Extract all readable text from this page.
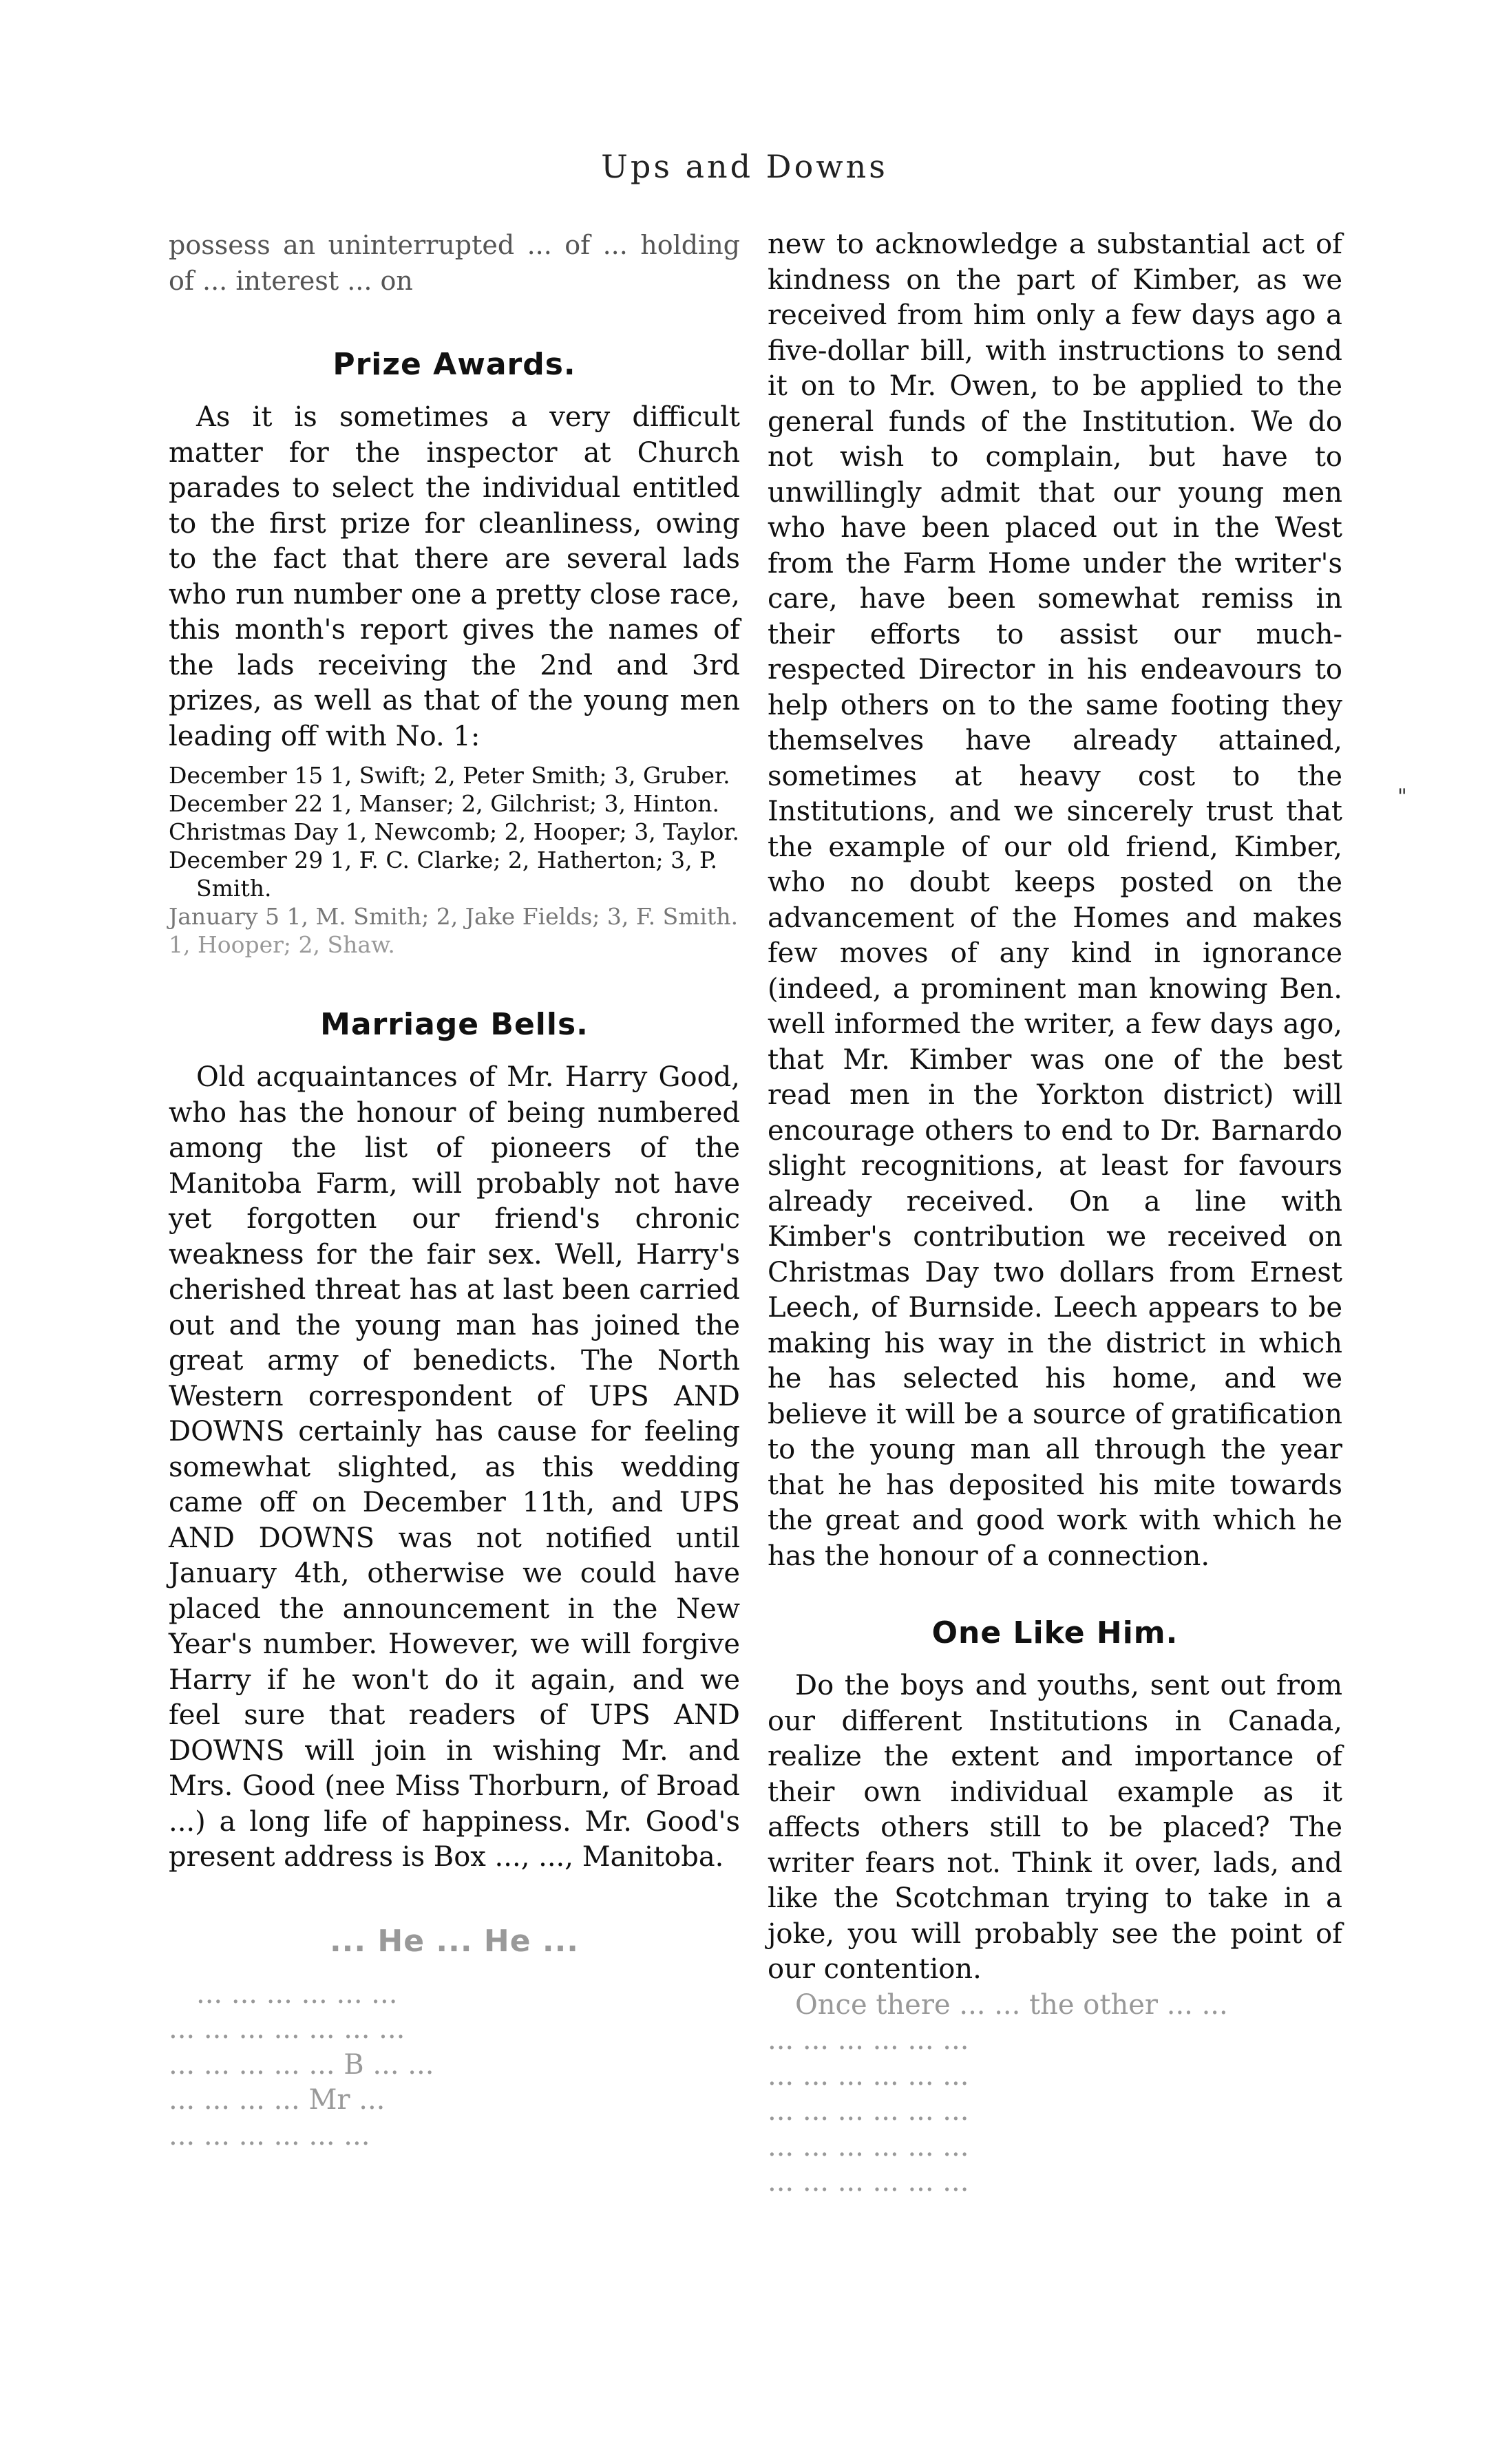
Ups and Downs

possess an uninterrupted ... of ... holding of ... interest ... on

Prize Awards.

As it is sometimes a very difficult matter for the inspector at Church parades to select the individual entitled to the first prize for cleanliness, owing to the fact that there are several lads who run number one a pretty close race, this month's report gives the names of the lads receiving the 2nd and 3rd prizes, as well as that of the young men leading off with No. 1:

December 15 1, Swift; 2, Peter Smith; 3, Gruber.
December 22 1, Manser; 2, Gilchrist; 3, Hinton.
Christmas Day 1, Newcomb; 2, Hooper; 3, Taylor.
December 29 1, F. C. Clarke; 2, Hatherton; 3, P. Smith.
January 5 1, M. Smith; 2, Jake Fields; 3, F. Smith.
1, Hooper; 2, Shaw.
Marriage Bells.

Old acquaintances of Mr. Harry Good, who has the honour of being numbered among the list of pioneers of the Manitoba Farm, will probably not have yet forgotten our friend's chronic weakness for the fair sex. Well, Harry's cherished threat has at last been carried out and the young man has joined the great army of benedicts. The North Western correspondent of UPS AND DOWNS certainly has cause for feeling somewhat slighted, as this wedding came off on December 11th, and UPS AND DOWNS was not notified until January 4th, otherwise we could have placed the announcement in the New Year's number. However, we will forgive Harry if he won't do it again, and we feel sure that readers of UPS AND DOWNS will join in wishing Mr. and Mrs. Good (nee Miss Thorburn, of Broad ...) a long life of happiness. Mr. Good's present address is Box ..., ..., Manitoba.

... He ... He ...

... ... ... ... ... ...

... ... ... ... ... ... ...

... ... ... ... ... B ... ...

... ... ... ... Mr ...

... ... ... ... ... ...

new to acknowledge a substantial act of kindness on the part of Kimber, as we received from him only a few days ago a five-dollar bill, with instructions to send it on to Mr. Owen, to be applied to the general funds of the Institution. We do not wish to complain, but have to unwillingly admit that our young men who have been placed out in the West from the Farm Home under the writer's care, have been somewhat remiss in their efforts to assist our much-respected Director in his endeavours to help others on to the same footing they themselves have already attained, sometimes at heavy cost to the Institutions, and we sincerely trust that the example of our old friend, Kimber, who no doubt keeps posted on the advancement of the Homes and makes few moves of any kind in ignorance (indeed, a prominent man knowing Ben. well informed the writer, a few days ago, that Mr. Kimber was one of the best read men in the Yorkton district) will encourage others to end to Dr. Barnardo slight recognitions, at least for favours already received. On a line with Kimber's contribution we received on Christmas Day two dollars from Ernest Leech, of Burnside. Leech appears to be making his way in the district in which he has selected his home, and we believe it will be a source of gratification to the young man all through the year that he has deposited his mite towards the great and good work with which he has the honour of a connection.

One Like Him.

Do the boys and youths, sent out from our different Institutions in Canada, realize the extent and importance of their own individual example as it affects others still to be placed? The writer fears not. Think it over, lads, and like the Scotchman trying to take in a joke, you will probably see the point of our contention.

Once there ... ... the other ... ...

... ... ... ... ... ...

... ... ... ... ... ...

... ... ... ... ... ...

... ... ... ... ... ...

... ... ... ... ... ...

"
